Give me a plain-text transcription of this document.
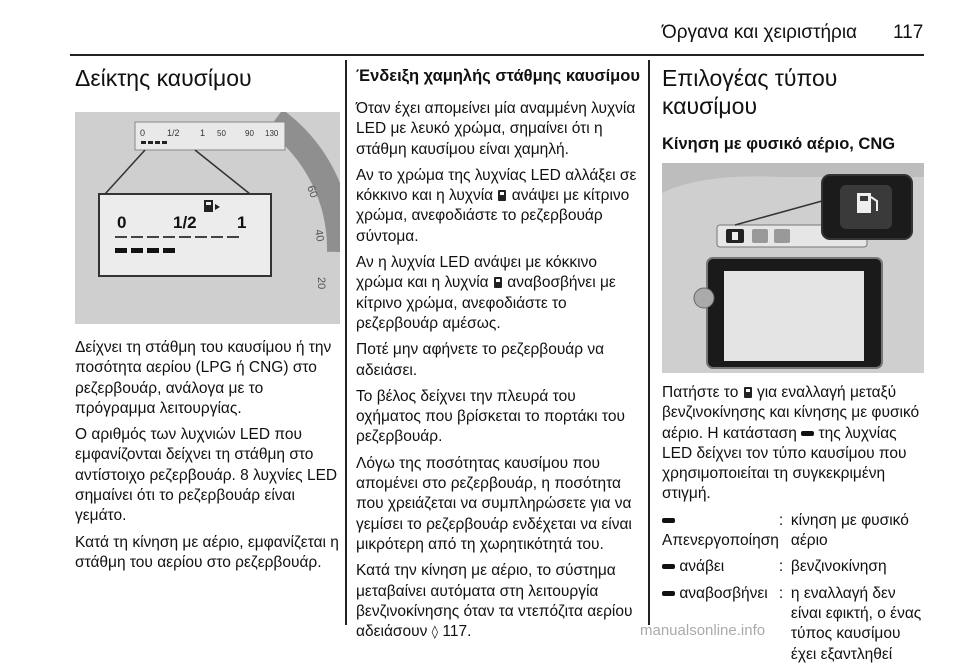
Όργανα και χειριστήρια 117
Δείκτης καυσίμου
0 1/2 1 50 90 130
0	1/2 1
60
40
20

Δείχνει τη στάθμη του καυσίμου ή την ποσότητα αερίου (LPG ή CNG) στο ρεζερβουάρ, ανάλογα με το πρόγραμμα λειτουργίας.

Ο αριθμός των λυχνιών LED που εμφανίζονται δείχνει τη στάθμη στο αντίστοιχο ρεζερβουάρ. 8 λυχνίες LED σημαίνει ότι το ρεζερβουάρ είναι γεμάτο.

Κατά τη κίνηση με αέριο, εμφανίζεται η στάθμη του αερίου στο ρεζερβουάρ.

Ένδειξη χαμηλής στάθμης καυσίμου

Όταν έχει απομείνει μία αναμμένη λυχνία LED με λευκό χρώμα, σημαίνει ότι η στάθμη καυσίμου είναι χαμηλή.

Αν το χρώμα της λυχνίας LED αλλάξει σε κόκκινο και η λυχνία ανάψει με κίτρινο χρώμα, ανεφοδιάστε το ρεζερβουάρ σύντομα.

Αν η λυχνία LED ανάψει με κόκκινο χρώμα και η λυχνία αναβοσβήνει με κίτρινο χρώμα, ανεφοδιάστε το ρεζερβουάρ αμέσως.

Ποτέ μην αφήνετε το ρεζερβουάρ να αδειάσει.

Το βέλος δείχνει την πλευρά του οχήματος που βρίσκεται το πορτάκι του ρεζερβουάρ.

Λόγω της ποσότητας καυσίμου που απομένει στο ρεζερβουάρ, η ποσότητα που χρειάζεται να συμπληρώσετε για να γεμίσει το ρεζερβουάρ ενδέχεται να είναι μικρότερη από τη χωρητικότητά του.

Κατά την κίνηση με αέριο, το σύστημα μεταβαίνει αυτόματα στη λειτουργία βενζινοκίνησης όταν τα ντεπόζιτα αερίου αδειάσουν ◊ 117.

Επιλογέας τύπου καυσίμου
Κίνηση με φυσικό αέριο, CNG

Πατήστε το για εναλλαγή μεταξύ βενζινοκίνησης και κίνησης με φυσικό αέριο. Η κατάσταση της λυχνίας LED δείχνει τον τύπο καυσίμου που χρησιμοποιείται τη συγκεκριμένη στιγμή.

Απενεργοποίηση	:	κίνηση με φυσικό αέριο
ανάβει	:	βενζινοκίνηση
αναβοσβήνει	:	η εναλλαγή δεν είναι εφικτή, ο ένας τύπος καυσίμου έχει εξαντληθεί
manualsonline.info
